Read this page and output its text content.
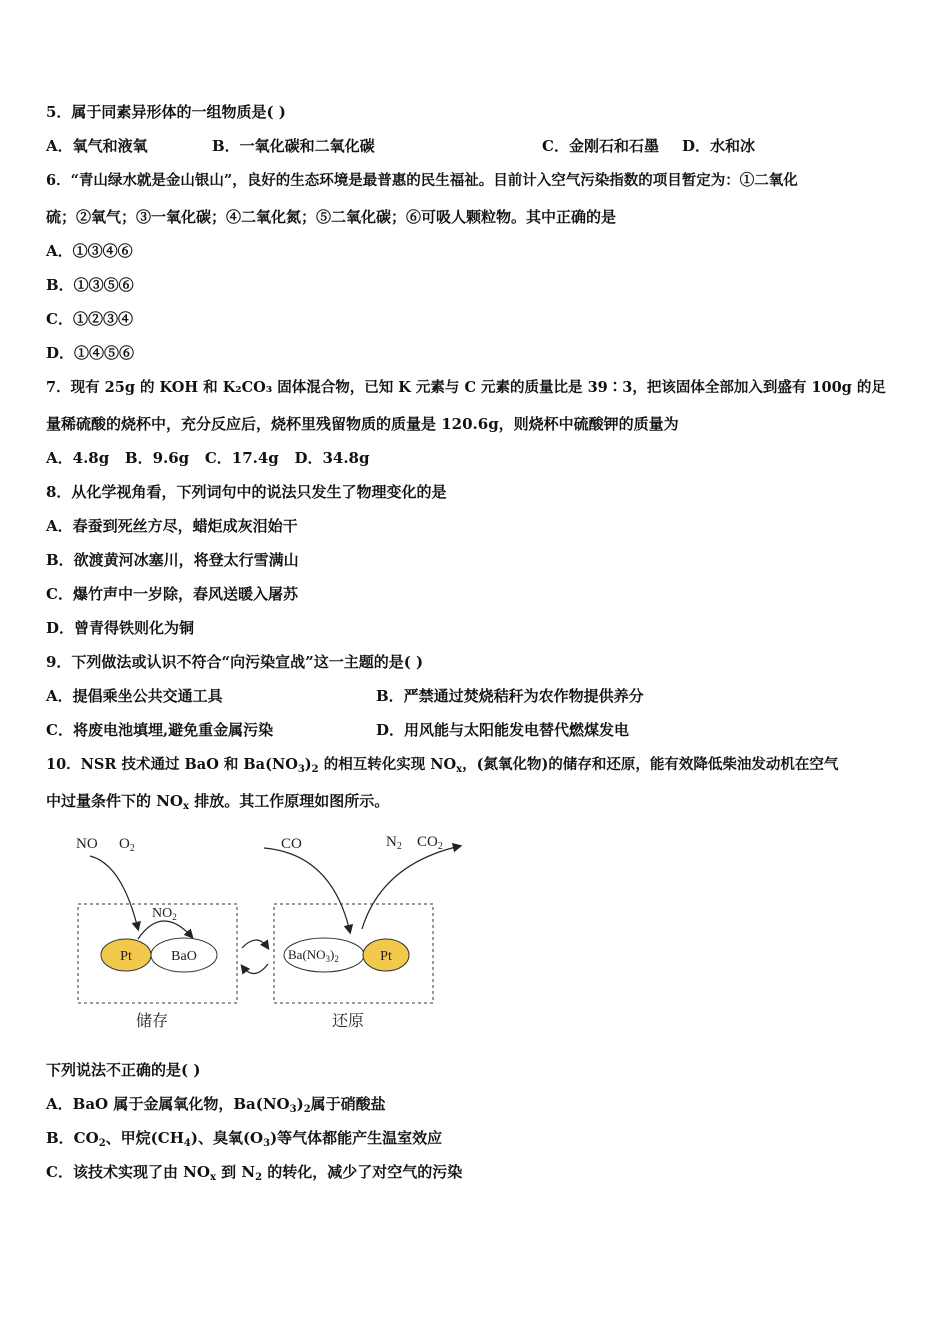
5．属于同素异形体的一组物质是( )
A．氧气和液氧	B．一氧化碳和二氧化碳	C．金刚石和石墨 D．水和冰
6．“青山绿水就是金山银山”，良好的生态环境是最普惠的民生福祉。目前计入空气污染指数的项目暂定为：①二氧化
硫；②氧气；③一氧化碳；④二氧化氮；⑤二氧化碳；⑥可吸人颗粒物。其中正确的是
A．①③④⑥
B．①③⑤⑥
C．①②③④
D．①④⑤⑥
7．现有 25g 的 KOH 和 K₂CO₃ 固体混合物，已知 K 元素与 C 元素的质量比是 39∶3，把该固体全部加入到盛有 100g 的足
量稀硫酸的烧杯中，充分反应后，烧杯里残留物质的质量是 120.6g，则烧杯中硫酸钾的质量为
A．4.8g   B．9.6g   C．17.4g   D．34.8g
8．从化学视角看，下列词句中的说法只发生了物理变化的是
A．春蚕到死丝方尽，蜡炬成灰泪始干
B．欲渡黄河冰塞川，将登太行雪满山
C．爆竹声中一岁除，春风送暖入屠苏
D．曾青得铁则化为铜
9．下列做法或认识不符合“向污染宣战”这一主题的是( )
A．提倡乘坐公共交通工具	B．严禁通过焚烧秸秆为农作物提供养分
C．将废电池填埋,避免重金属污染	D．用风能与太阳能发电替代燃煤发电
10．NSR 技术通过 BaO 和 $Ba(NO_3)_2$ 的相互转化实现 $NO_x$，(氮氧化物)的储存和还原，能有效降低柴油发动机在空气
中过量条件下的 $NO_x$ 排放。其工作原理如图所示。
Pt	BaO	$Ba(NO_3)_2$	Pt
NO $O_2$
$NO_2$
CO	$N_2$ $CO_2$
储存	还原
下列说法不正确的是( )
A．BaO 属于金属氧化物，$Ba(NO_3)_2$属于硝酸盐
B．$CO_2$、甲烷$(CH_4)$、臭氧$(O_3)$等气体都能产生温室效应
C．该技术实现了由 $NO_x$ 到 $N_2$ 的转化，减少了对空气的污染
